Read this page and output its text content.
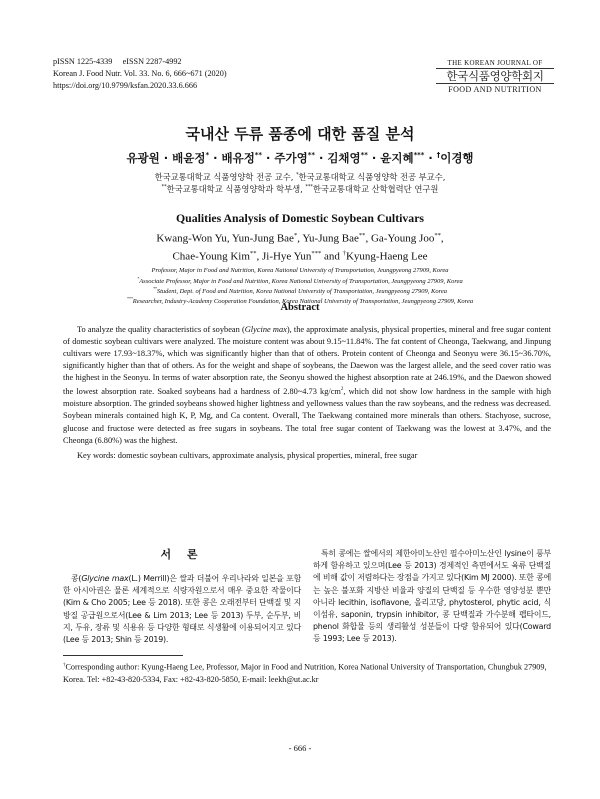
pISSN 1225-4339     eISSN 2287-4992
Korean J. Food Nutr. Vol. 33. No. 6, 666~671 (2020)
https://doi.org/10.9799/ksfan.2020.33.6.666
THE KOREAN JOURNAL OF
한국식품영양학회지
FOOD AND NUTRITION
국내산 두류 품종에 대한 품질 분석
유광원 · 배윤정* · 배유정** · 주가영** · 김채영** · 윤지혜*** · †이경행
한국교통대학교 식품영양학 전공 교수, *한국교통대학교 식품영양학 전공 부교수,
**한국교통대학교 식품영양학과 학부생, ***한국교통대학교 산학협력단 연구원
Qualities Analysis of Domestic Soybean Cultivars
Kwang-Won Yu, Yun-Jung Bae*, Yu-Jung Bae**, Ga-Young Joo**,
Chae-Young Kim**, Ji-Hye Yun*** and †Kyung-Haeng Lee
Professor, Major in Food and Nutrition, Korea National University of Transportation, Jeungpyeong 27909, Korea
*Associate Professor, Major in Food and Nutrition, Korea National University of Transportation, Jeungpyeong 27909, Korea
**Student, Dept. of Food and Nutrition, Korea National University of Transportation, Jeungpyeong 27909, Korea
***Researcher, Industry-Academy Cooperation Foundation, Korea National University of Transportation, Jeungpyeong 27909, Korea
Abstract

To analyze the quality characteristics of soybean (Glycine max), the approximate analysis, physical properties, mineral and free sugar content of domestic soybean cultivars were analyzed. The moisture content was about 9.15~11.84%. The fat content of Cheonga, Taekwang, and Jinpung cultivars were 17.93~18.37%, which was significantly higher than that of others. Protein content of Cheonga and Seonyu were 36.15~36.70%, significantly higher than that of others. As for the weight and shape of soybeans, the Daewon was the largest allele, and the seed cover ratio was the highest in the Seonyu. In terms of water absorption rate, the Seonyu showed the highest absorption rate at 246.19%, and the Daewon showed the lowest absorption rate. Soaked soybeans had a hardness of 2.80~4.73 $kg/cm^2$, which did not show low hardness in the sample with high moisture absorption. The grinded soybeans showed higher lightness and yellowness values than the raw soybeans, and the redness was decreased. Soybean minerals contained high K, P, Mg, and Ca content. Overall, The Taekwang contained more minerals than others. Stachyose, sucrose, glucose and fructose were detected as free sugars in soybeans. The total free sugar content of Taekwang was the lowest at 3.47%, and the Cheonga (6.80%) was the highest.

Key words: domestic soybean cultivars, approximate analysis, physical properties, mineral, free sugar

서 론

콩(Glycine max(L.) Merrill)은 쌀과 더불어 우리나라와 일본을 포함한 아시아권은 물론 세계적으로 식량자원으로서 매우 중요한 작물이다(Kim & Cho 2005; Lee 등 2018). 또한 콩은 오래전부터 단백질 및 지방질 공급원으로서(Lee & Lim 2013; Lee 등 2013) 두부, 순두부, 비지, 두유, 장류 및 식용유 등 다양한 형태로 식생활에 이용되어지고 있다(Lee 등 2013; Shin 등 2019).

특히 콩에는 쌀에서의 제한아미노산인 필수아미노산인 lysine이 풍부하게 함유하고 있으며(Lee 등 2013) 경제적인 측면에서도 육류 단백질에 비해 값이 저렴하다는 장점을 가지고 있다(Kim MJ 2000). 또한 콩에는 높은 불포화 지방산 비율과 양질의 단백질 등 우수한 영양성분 뿐만 아니라 lecithin, isoflavone, 올리고당, phytosterol, phytic acid, 식이섬유, saponin, trypsin inhibitor, 콩 단백질과 가수분해 펩타이드, phenol 화합물 등의 생리활성 성분들이 다량 함유되어 있다(Coward 등 1993; Lee 등 2013).

†Corresponding author: Kyung-Haeng Lee, Professor, Major in Food and Nutrition, Korea National University of Transportation, Chungbuk 27909, Korea. Tel: +82-43-820-5334, Fax: +82-43-820-5850, E-mail: leekh@ut.ac.kr
- 666 -
